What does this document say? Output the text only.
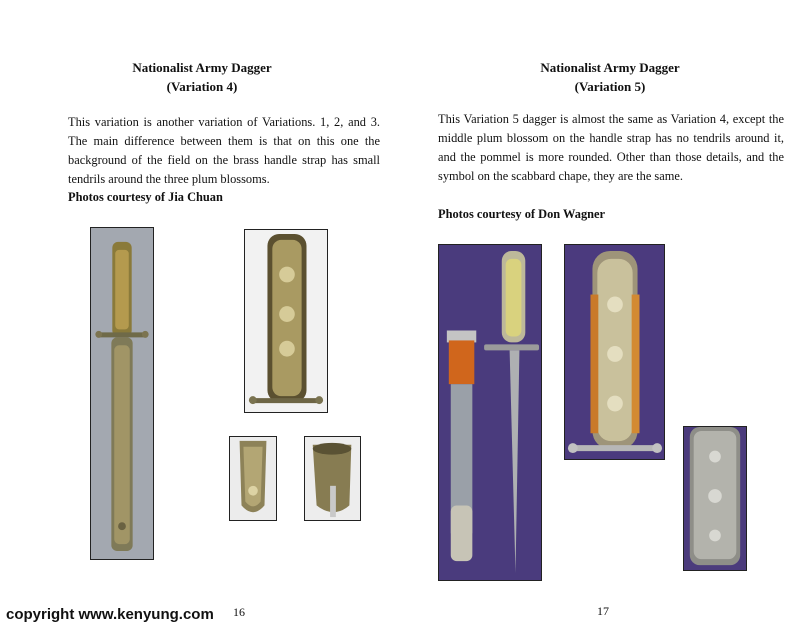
Nationalist Army Dagger
(Variation 4)
This variation is another variation of Variations. 1, 2, and 3. The main difference between them is that on this one the background of the field on the brass handle strap has small tendrils around the three plum blossoms.
Photos courtesy of Jia Chuan
16
Nationalist Army Dagger
(Variation 5)
This Variation 5 dagger is almost the same as Variation 4, except the middle plum blossom on the handle strap has no tendrils around it, and the pommel is more rounded. Other than those details, and the symbol on the scabbard chape, they are the same.
Photos courtesy of Don Wagner
17
copyright www.kenyung.com
